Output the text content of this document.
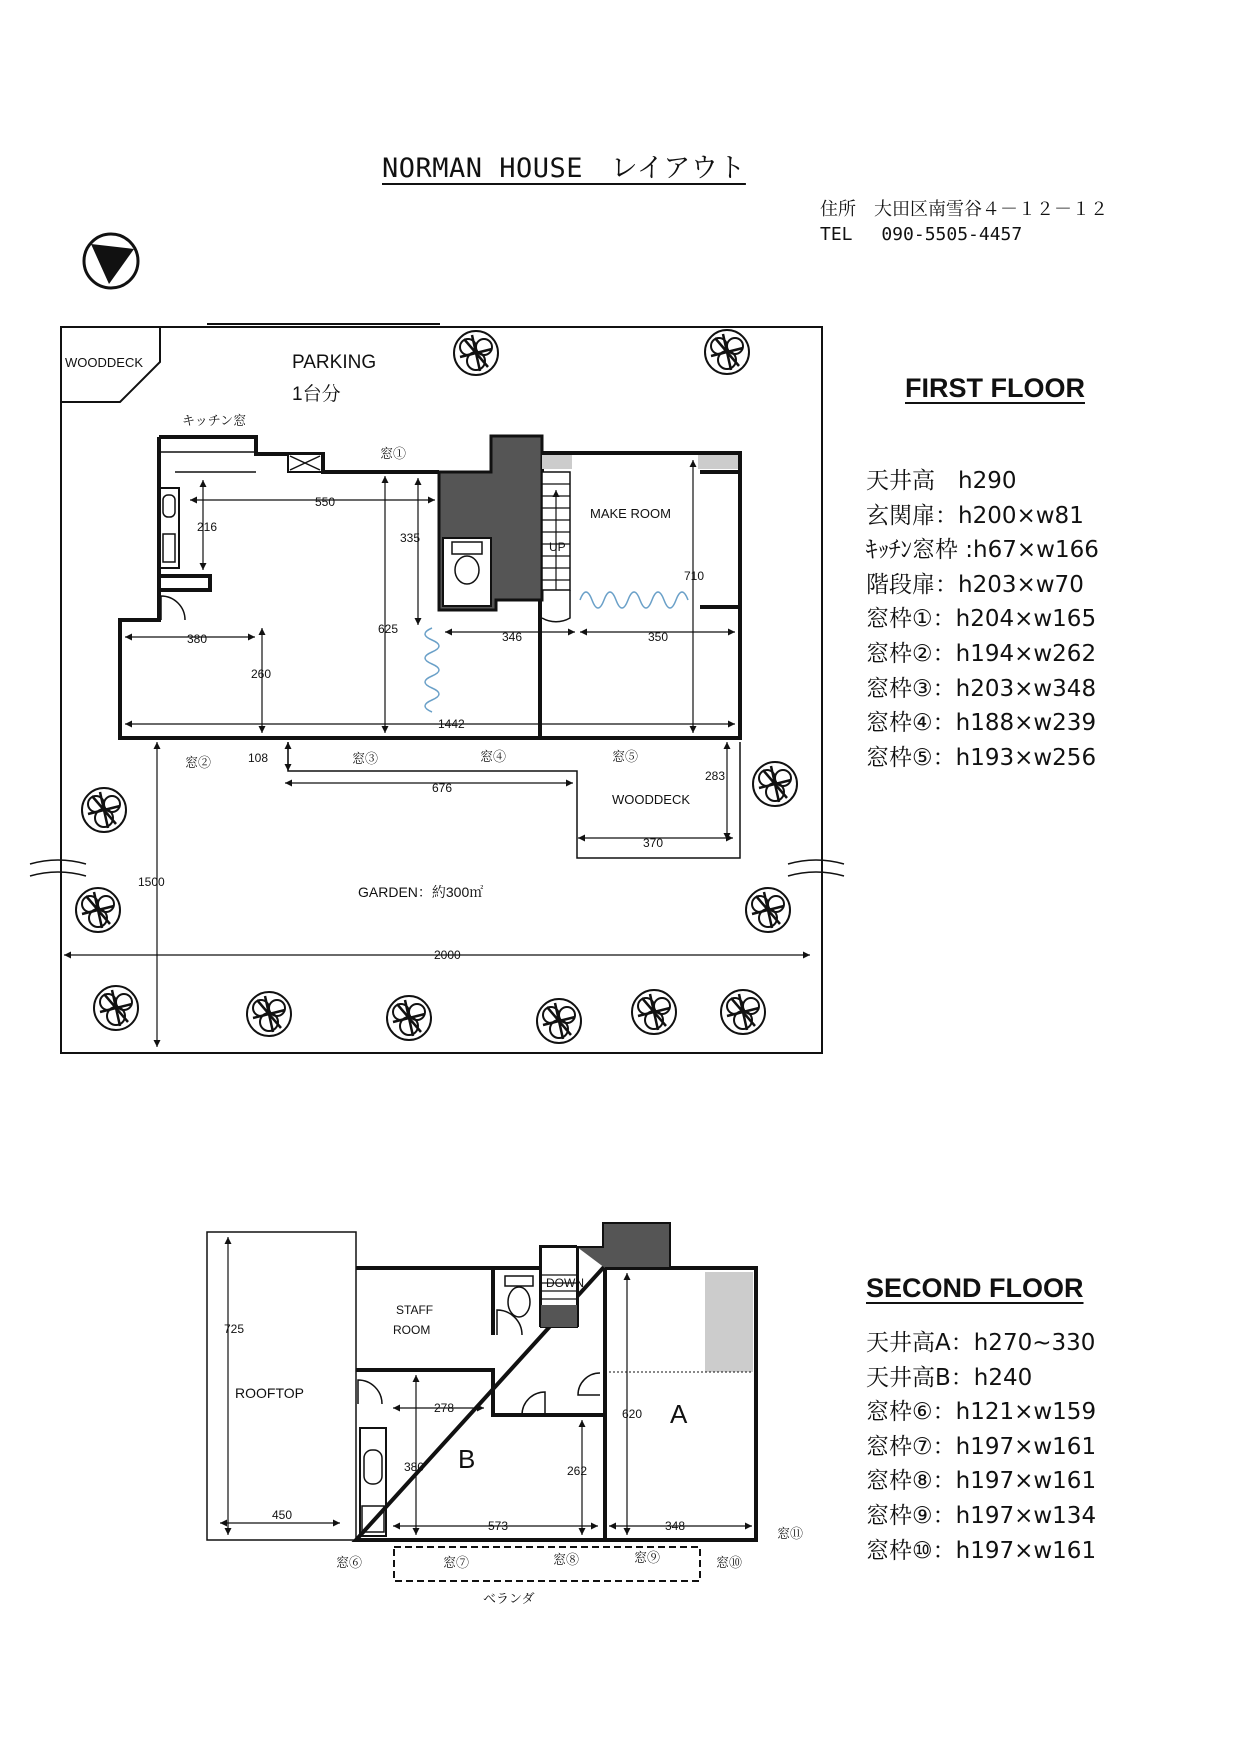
NORMAN HOUSE　レイアウト
住所　大田区南雪谷４－１２－１２
TEL　 090-5505-4457
FIRST FLOOR
天井高　h290
玄関扉：h200×w81
ｷｯﾁﾝ窓枠 :h67×w166
階段扉：h203×w70
窓枠①：h204×w165
窓枠②：h194×w262
窓枠③：h203×w348
窓枠④：h188×w239
窓枠⑤：h193×w256
SECOND FLOOR
天井高A：h270~330
天井高B：h240
窓枠⑥：h121×w159
窓枠⑦：h197×w161
窓枠⑧：h197×w161
窓枠⑨：h197×w134
窓枠⑩：h197×w161
WOODDECK	PARKING
1台分
キッチン窓
窓①
UP
MAKE ROOM
550
216
335
710
625
346	350
380
260
1442
108
283
676
370
1500
2000
窓②	窓③	窓④	窓⑤
WOODDECK
GARDEN：約300㎡
ROOFTOP
725
450
DOWN
STAFF
ROOM
B
A
278
380	262
573
620
348
ベランダ
窓⑥	窓⑦	窓⑧	窓⑨	窓⑩
窓⑪
